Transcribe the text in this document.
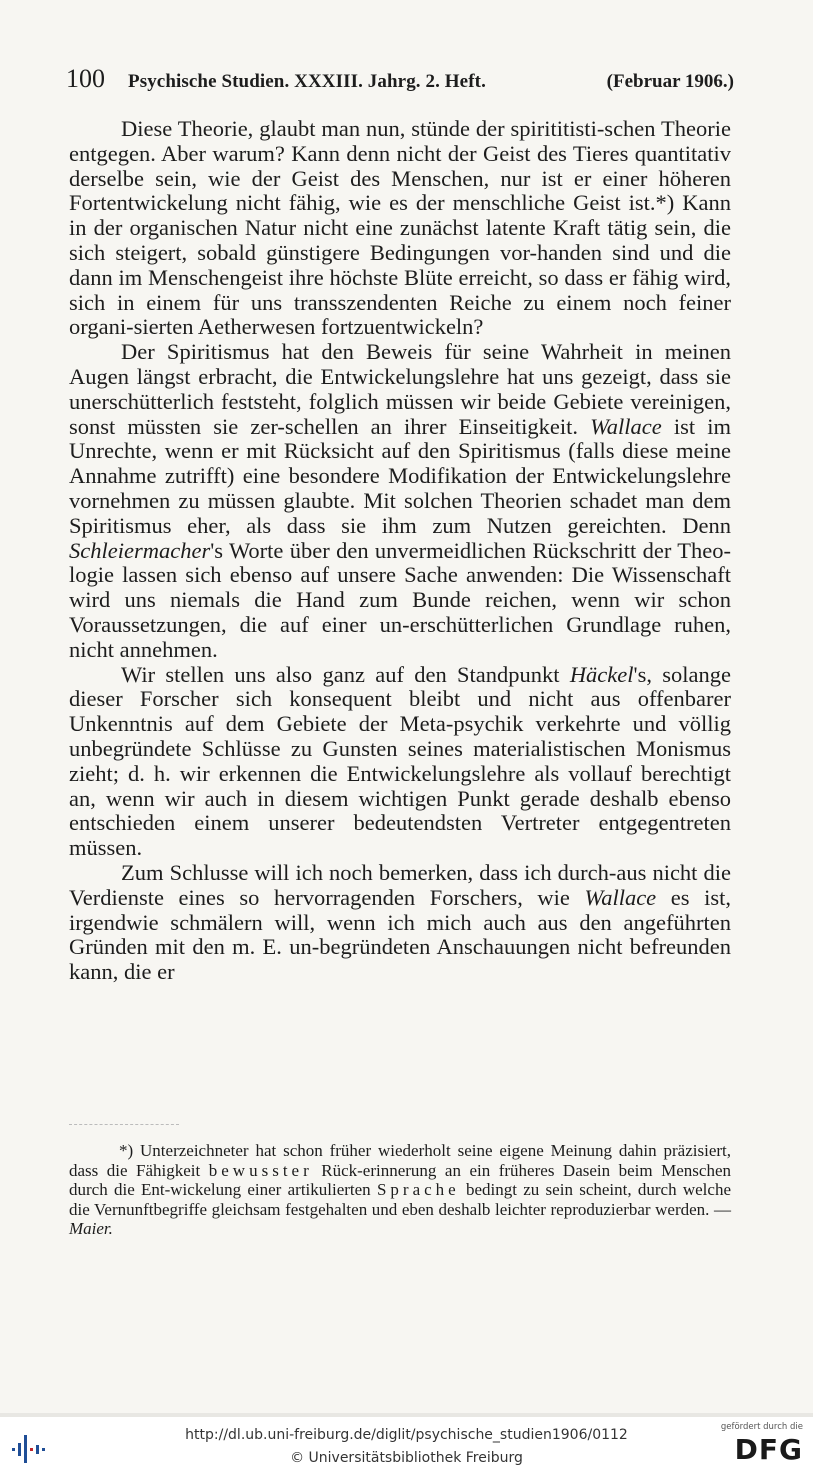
100 Psychische Studien. XXXIII. Jahrg. 2. Heft.	(Februar 1906.)

Diese Theorie, glaubt man nun, stünde der spirititisti-schen Theorie entgegen. Aber warum? Kann denn nicht der Geist des Tieres quantitativ derselbe sein, wie der Geist des Menschen, nur ist er einer höheren Fortentwickelung nicht fähig, wie es der menschliche Geist ist.*) Kann in der organischen Natur nicht eine zunächst latente Kraft tätig sein, die sich steigert, sobald günstigere Bedingungen vor-handen sind und die dann im Menschengeist ihre höchste Blüte erreicht, so dass er fähig wird, sich in einem für uns transszendenten Reiche zu einem noch feiner organi-sierten Aetherwesen fortzuentwickeln?

Der Spiritismus hat den Beweis für seine Wahrheit in meinen Augen längst erbracht, die Entwickelungslehre hat uns gezeigt, dass sie unerschütterlich feststeht, folglich müssen wir beide Gebiete vereinigen, sonst müssten sie zer-schellen an ihrer Einseitigkeit. Wallace ist im Unrechte, wenn er mit Rücksicht auf den Spiritismus (falls diese meine Annahme zutrifft) eine besondere Modifikation der Entwickelungslehre vornehmen zu müssen glaubte. Mit solchen Theorien schadet man dem Spiritismus eher, als dass sie ihm zum Nutzen gereichten. Denn Schleiermacher's Worte über den unvermeidlichen Rückschritt der Theo-logie lassen sich ebenso auf unsere Sache anwenden: Die Wissenschaft wird uns niemals die Hand zum Bunde reichen, wenn wir schon Voraussetzungen, die auf einer un-erschütterlichen Grundlage ruhen, nicht annehmen.

Wir stellen uns also ganz auf den Standpunkt Häckel's, solange dieser Forscher sich konsequent bleibt und nicht aus offenbarer Unkenntnis auf dem Gebiete der Meta-psychik verkehrte und völlig unbegründete Schlüsse zu Gunsten seines materialistischen Monismus zieht; d. h. wir erkennen die Entwickelungslehre als vollauf berechtigt an, wenn wir auch in diesem wichtigen Punkt gerade deshalb ebenso entschieden einem unserer bedeutendsten Vertreter entgegentreten müssen.

Zum Schlusse will ich noch bemerken, dass ich durch-aus nicht die Verdienste eines so hervorragenden Forschers, wie Wallace es ist, irgendwie schmälern will, wenn ich mich auch aus den angeführten Gründen mit den m. E. un-begründeten Anschauungen nicht befreunden kann, die er

*) Unterzeichneter hat schon früher wiederholt seine eigene Meinung dahin präzisiert, dass die Fähigkeit bewusster Rück-erinnerung an ein früheres Dasein beim Menschen durch die Ent-wickelung einer artikulierten Sprache bedingt zu sein scheint, durch welche die Vernunftbegriffe gleichsam festgehalten und eben deshalb leichter reproduzierbar werden. — Maier.

http://dl.ub.uni-freiburg.de/diglit/psychische_studien1906/0112
© Universitätsbibliothek Freiburg
gefördert durch die
DFG
